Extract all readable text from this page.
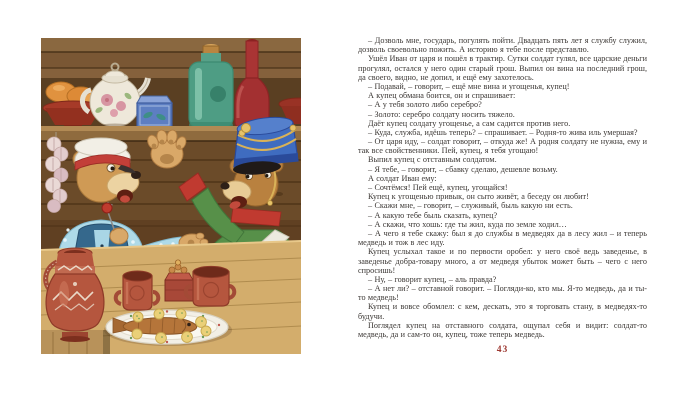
– Дозволь мне, государь, погулять пойти. Двадцать пять лет я службу служил, дозволь своевольно пожить. А историю я тебе после представлю.

Ушёл Иван от царя и пошёл в трактир. Сутки солдат гулял, все царские деньги прогулял, остался у него один старый грош. Выпил он вина на последний грош, да своего, видно, не допил, и ещё ему захотелось.

– Подавай, – говорит, – ещё мне вина и угощенья, купец!

А купец обмана боится, он и спрашивает:

– А у тебя золото либо серебро?

– Золото: серебро солдату носить тяжело.

Даёт купец солдату угощенье, а сам садится против него.

– Куда, служба, идёшь теперь? – спрашивает. – Родня-то жива иль умершая?

– От царя иду, – солдат говорит, – откуда же! А родня солдату не нужна, ему и так все свойственники. Пей, купец, я тебя угощаю!

Выпил купец с отставным солдатом.

– Я тебе, – говорит, – сбавку сделаю, дешевле возьму.

А солдат Иван ему:

– Сочтёмся! Пей ещё, купец, угощайся!

Купец к угощенью привык, он сыто живёт, а беседу он любит!

– Скажи мне, – говорит, – служивый, быль какую ни есть.

– А какую тебе быль сказать, купец?

– А скажи, что хошь: где ты жил, куда по земле ходил…

– А чего я тебе скажу: был я до службы в медведях да в лесу жил – и теперь медведь и тож в лес иду.

Купец услыхал такое и по первости оробел: у него своё ведь заведенье, в заведенье добра-товару много, а от медведя убыток может быть – чего с него спросишь!

– Ну, – говорит купец, – аль правда?

– А нет ли? – отставной говорит. – Погляди-ко, кто мы. Я-то медведь, да и ты-то медведь!

Купец и вовсе обомлел: с кем, дескать, это я торговать стану, в медведях-то будучи.

Поглядел купец на отставного солдата, ощупал себя и видит: солдат-то медведь, да и сам-то он, купец, тоже теперь медведь.

43
